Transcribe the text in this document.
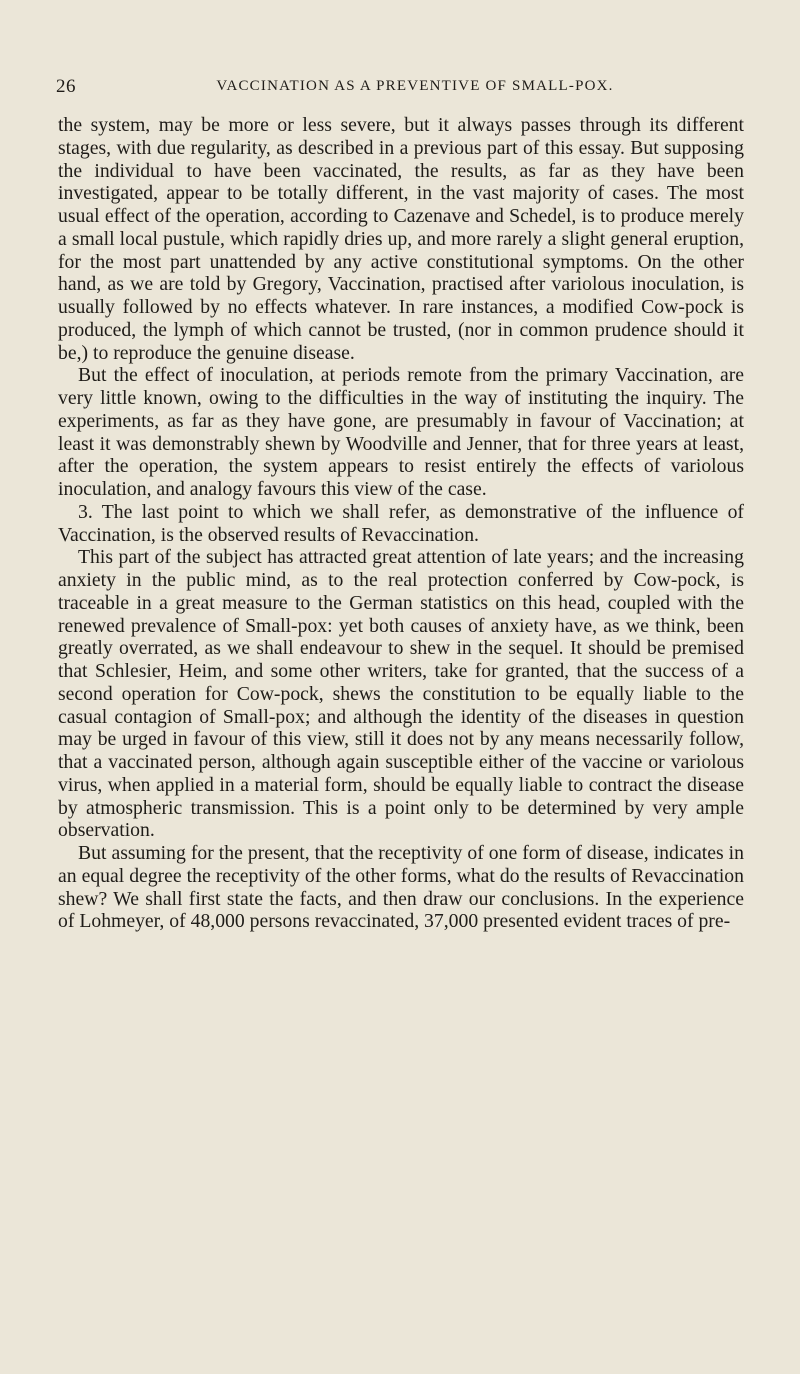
26	VACCINATION AS A PREVENTIVE OF SMALL-POX.

the system, may be more or less severe, but it always passes through its different stages, with due regularity, as described in a previous part of this essay. But supposing the individual to have been vaccinated, the results, as far as they have been investigated, appear to be totally different, in the vast majority of cases. The most usual effect of the operation, according to Cazenave and Schedel, is to produce merely a small local pustule, which rapidly dries up, and more rarely a slight general eruption, for the most part unattended by any active constitutional symptoms. On the other hand, as we are told by Gregory, Vaccination, practised after variolous inoculation, is usually followed by no effects whatever. In rare instances, a modified Cow-pock is produced, the lymph of which cannot be trusted, (nor in common prudence should it be,) to reproduce the genuine disease.

But the effect of inoculation, at periods remote from the primary Vaccination, are very little known, owing to the difficulties in the way of instituting the inquiry. The experiments, as far as they have gone, are presumably in favour of Vaccination; at least it was demonstrably shewn by Woodville and Jenner, that for three years at least, after the operation, the system appears to resist entirely the effects of variolous inoculation, and analogy favours this view of the case.

3. The last point to which we shall refer, as demonstrative of the influence of Vaccination, is the observed results of Revaccination.

This part of the subject has attracted great attention of late years; and the increasing anxiety in the public mind, as to the real protection conferred by Cow-pock, is traceable in a great measure to the German statistics on this head, coupled with the renewed prevalence of Small-pox: yet both causes of anxiety have, as we think, been greatly overrated, as we shall endeavour to shew in the sequel. It should be premised that Schlesier, Heim, and some other writers, take for granted, that the success of a second operation for Cow-pock, shews the constitution to be equally liable to the casual contagion of Small-pox; and although the identity of the diseases in question may be urged in favour of this view, still it does not by any means necessarily follow, that a vaccinated person, although again susceptible either of the vaccine or variolous virus, when applied in a material form, should be equally liable to contract the disease by atmospheric transmission. This is a point only to be determined by very ample observation.

But assuming for the present, that the receptivity of one form of disease, indicates in an equal degree the receptivity of the other forms, what do the results of Revaccination shew? We shall first state the facts, and then draw our conclusions. In the experience of Lohmeyer, of 48,000 persons revaccinated, 37,000 presented evident traces of pre-
